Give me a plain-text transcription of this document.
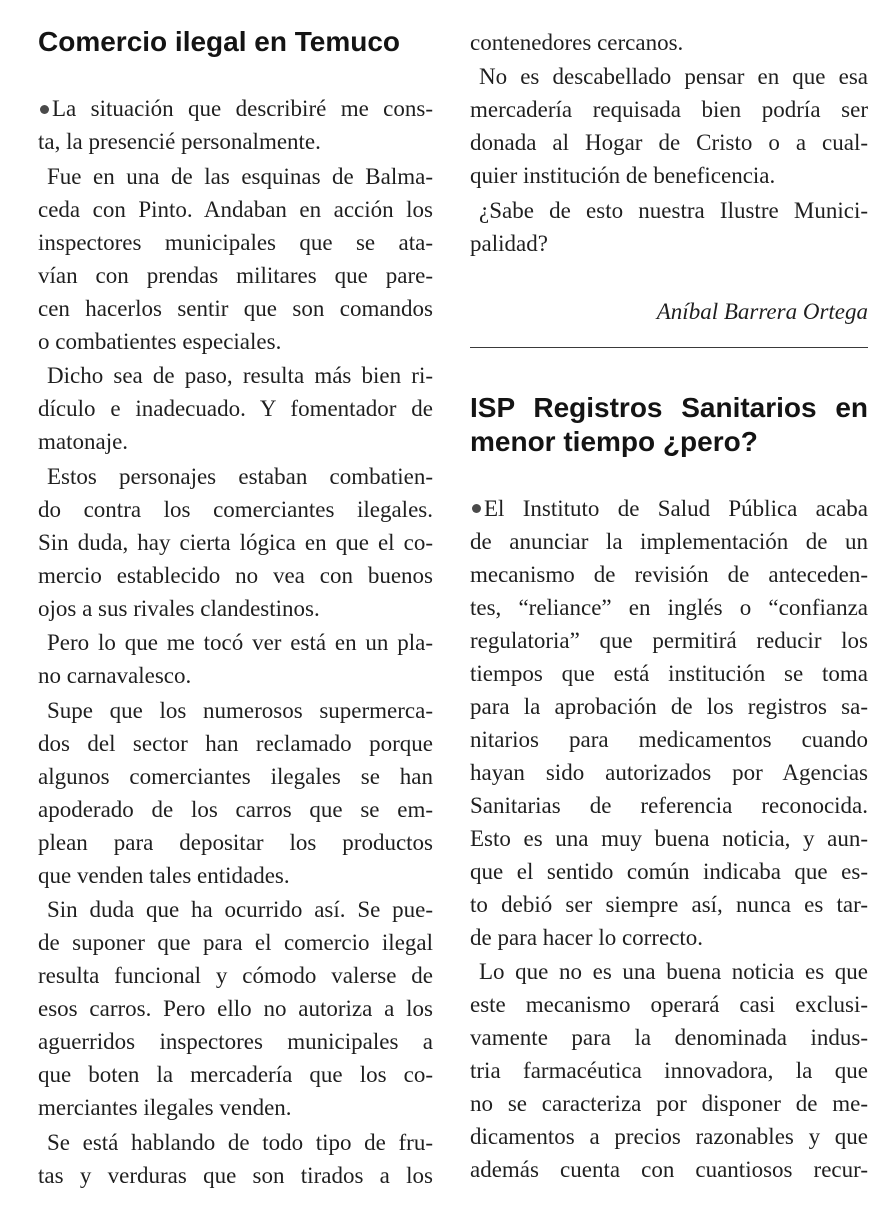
Comercio ilegal en Temuco
La situación que describiré me cons-
ta, la presencié personalmente.
Fue en una de las esquinas de Balma-
ceda con Pinto. Andaban en acción los
inspectores municipales que se ata-
vían con prendas militares que pare-
cen hacerlos sentir que son comandos
o combatientes especiales.
Dicho sea de paso, resulta más bien ri-
dículo e inadecuado. Y fomentador de
matonaje.
Estos personajes estaban combatien-
do contra los comerciantes ilegales.
Sin duda, hay cierta lógica en que el co-
mercio establecido no vea con buenos
ojos a sus rivales clandestinos.
Pero lo que me tocó ver está en un pla-
no carnavalesco.
Supe que los numerosos supermerca-
dos del sector han reclamado porque
algunos comerciantes ilegales se han
apoderado de los carros que se em-
plean para depositar los productos
que venden tales entidades.
Sin duda que ha ocurrido así. Se pue-
de suponer que para el comercio ilegal
resulta funcional y cómodo valerse de
esos carros. Pero ello no autoriza a los
aguerridos inspectores municipales a
que boten la mercadería que los co-
merciantes ilegales venden.
Se está hablando de todo tipo de fru-
tas y verduras que son tirados a los
contenedores cercanos.
No es descabellado pensar en que esa
mercadería requisada bien podría ser
donada al Hogar de Cristo o a cual-
quier institución de beneficencia.
¿Sabe de esto nuestra Ilustre Munici-
palidad?
Aníbal Barrera Ortega
ISP Registros Sanitarios en
menor tiempo ¿pero?
El Instituto de Salud Pública acaba
de anunciar la implementación de un
mecanismo de revisión de anteceden-
tes, “reliance” en inglés o “confianza
regulatoria” que permitirá reducir los
tiempos que está institución se toma
para la aprobación de los registros sa-
nitarios para medicamentos cuando
hayan sido autorizados por Agencias
Sanitarias de referencia reconocida.
Esto es una muy buena noticia, y aun-
que el sentido común indicaba que es-
to debió ser siempre así, nunca es tar-
de para hacer lo correcto.
Lo que no es una buena noticia es que
este mecanismo operará casi exclusi-
vamente para la denominada indus-
tria farmacéutica innovadora, la que
no se caracteriza por disponer de me-
dicamentos a precios razonables y que
además cuenta con cuantiosos recur-
